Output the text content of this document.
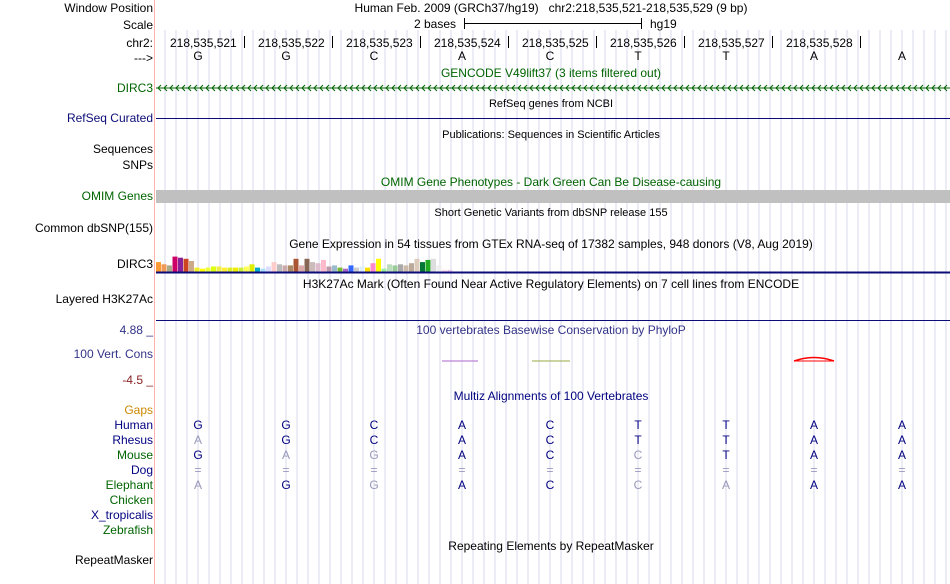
Window Position	Human Feb. 2009 (GRCh37/hg19)   chr2:218,535,521-218,535,529 (9 bp)
Scale	2 bases	hg19
chr2: 218,535,521 218,535,522 218,535,523 218,535,524 218,535,525 218,535,526 218,535,527 218,535,528
--->	G	G	C	A	C	T	T	A	A
GENCODE V49lift37 (3 items filtered out)
DIRC3
RefSeq genes from NCBI
RefSeq Curated
Publications: Sequences in Scientific Articles
Sequences
SNPs
OMIM Gene Phenotypes - Dark Green Can Be Disease-causing
OMIM Genes
Short Genetic Variants from dbSNP release 155
Common dbSNP(155)
Gene Expression in 54 tissues from GTEx RNA-seq of 17382 samples, 948 donors (V8, Aug 2019)
DIRC3
H3K27Ac Mark (Often Found Near Active Regulatory Elements) on 7 cell lines from ENCODE
Layered H3K27Ac
100 vertebrates Basewise Conservation by PhyloP
4.88 _
100 Vert. Cons
-4.5 _
Multiz Alignments of 100 Vertebrates
Gaps
Human	G	G	C	A	C	T	T	A	A
Rhesus	A	G	C	A	C	T	T	A	A
Mouse	G	A	G	A	C	C	T	A	A
Dog	=	=	=	=	=	=	=	=	=
Elephant	A	G	G	A	C	C	A	A	A
Chicken
X_tropicalis
Zebrafish
Repeating Elements by RepeatMasker
RepeatMasker
